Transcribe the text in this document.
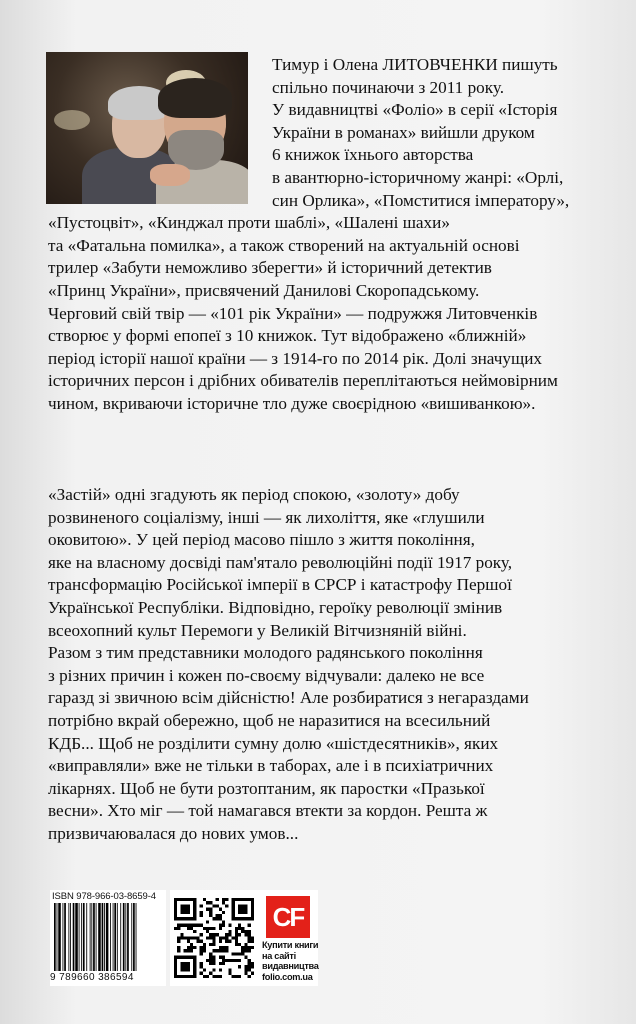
Тимур і Олена ЛИТОВЧЕНКИ пишуть
спільно починаючи з 2011 року.
У видавництві «Фоліо» в серії «Історія
України в романах» вийшли друком
6 книжок їхнього авторства
в авантюрно-історичному жанрі: «Орлі,
син Орлика», «Помститися імператору»,
«Пустоцвіт», «Кинджал проти шаблі», «Шалені шахи»
та «Фатальна помилка», а також створений на актуальній основі
трилер «Забути неможливо зберегти» й історичний детектив
«Принц України», присвячений Данилові Скоропадському.
Черговий свій твір — «101 рік України» — подружжя Литовченків
створює у формі епопеї з 10 книжок. Тут відображено «ближній»
період історії нашої країни — з 1914-го по 2014 рік. Долі значущих
історичних персон і дрібних обивателів переплітаються неймовірним
чином, вкриваючи історичне тло дуже своєрідною «вишиванкою».
«Застій» одні згадують як період спокою, «золоту» добу
розвиненого соціалізму, інші — як лихоліття, яке «глушили
оковитою». У цей період масово пішло з життя покоління,
яке на власному досвіді пам'ятало революційні події 1917 року,
трансформацію Російської імперії в СРСР і катастрофу Першої
Української Республіки. Відповідно, героїку революції змінив
всеохопний культ Перемоги у Великій Вітчизняній війні.
Разом з тим представники молодого радянського покоління
з різних причин і кожен по-своєму відчували: далеко не все
гаразд зі звичною всім дійсністю! Але розбиратися з негараздами
потрібно вкрай обережно, щоб не наразитися на всесильний
КДБ... Щоб не розділити сумну долю «шістдесятників», яких
«виправляли» вже не тільки в таборах, але і в психіатричних
лікарнях. Щоб не бути розтоптаним, як паростки «Празької
весни». Хто міг — той намагався втекти за кордон. Решта ж
призвичаювалася до нових умов...
ISBN 978-966-03-8659-4
9 789660 386594
CF
Купити книги
на сайті
видавництва
folio.com.ua
